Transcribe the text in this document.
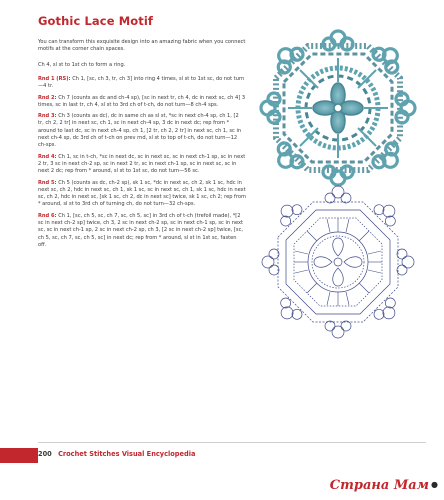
Gothic Lace Motif
You can transform this exquisite design into an amazing fabric when you connect motifs at the corner chain spaces.
Ch 4, sl st to 1st ch to form a ring.

Rnd 1 (RS): Ch 1, [sc, ch 3, tr, ch 3] into ring 4 times, sl st to 1st sc, do not turn—4 tr.

Rnd 2: Ch 7 (counts as dc and ch-4 sp), [sc in next tr, ch 4, dc in next sc, ch 4] 3 times, sc in last tr, ch 4, sl st to 3rd ch of t-ch, do not turn—8 ch-4 sps.

Rnd 3: Ch 3 (counts as dc), dc in same ch as sl st, *sc in next ch-4 sp, ch 1, [2 tr, ch 2, 2 tr] in next sc, ch 1, sc in next ch-4 sp, 3 dc in next dc; rep from * around to last dc, sc in next ch-4 sp, ch 1, [2 tr, ch 2, 2 tr] in next sc, ch 1, sc in next ch-4 sp, dc 3rd ch of t-ch on prev rnd, sl st to top of t-ch, do not turn—12 ch-sps.

Rnd 4: Ch 1, sc in t-ch, *sc in next dc, sc in next sc, sc in next ch-1 sp, sc in next 2 tr, 3 sc in next ch-2 sp, sc in next 2 tr, sc in next ch-1 sp, sc in next sc, sc in next 2 dc; rep from * around, sl st to 1st sc, do not turn—56 sc.

Rnd 5: Ch 5 (counts as dc, ch-2 sp), sk 1 sc, *dc in next sc, ch 2, sk 1 sc, hdc in next sc, ch 2, hdc in next sc, ch 1, sk 1 sc, sc in next sc, ch 1, sk 1 sc, hdc in next sc, ch 2, hdc in next sc, [sk 1 sc, ch 2, dc in next sc] twice, sk 1 sc, ch 2; rep from * around, sl st to 3rd ch of turning ch, do not turn—32 ch-sps.

Rnd 6: Ch 1, [sc, ch 5, sc, ch 7, sc, ch 5, sc] in 3rd ch of t-ch (trefoil made), *[2 sc in next ch-2 sp] twice, ch 3, 2 sc in next ch-2 sp, sc in next ch-1 sp, sc in next sc, sc in next ch-1 sp, 2 sc in next ch-2 sp, ch 3, [2 sc in next ch-2 sp] twice, [sc, ch 5, sc, ch 7, sc, ch 5, sc] in next dc; rep from * around, sl st in 1st sc, fasten off.

200 Crochet Stitches Visual Encyclopedia
Страна Мам ●
